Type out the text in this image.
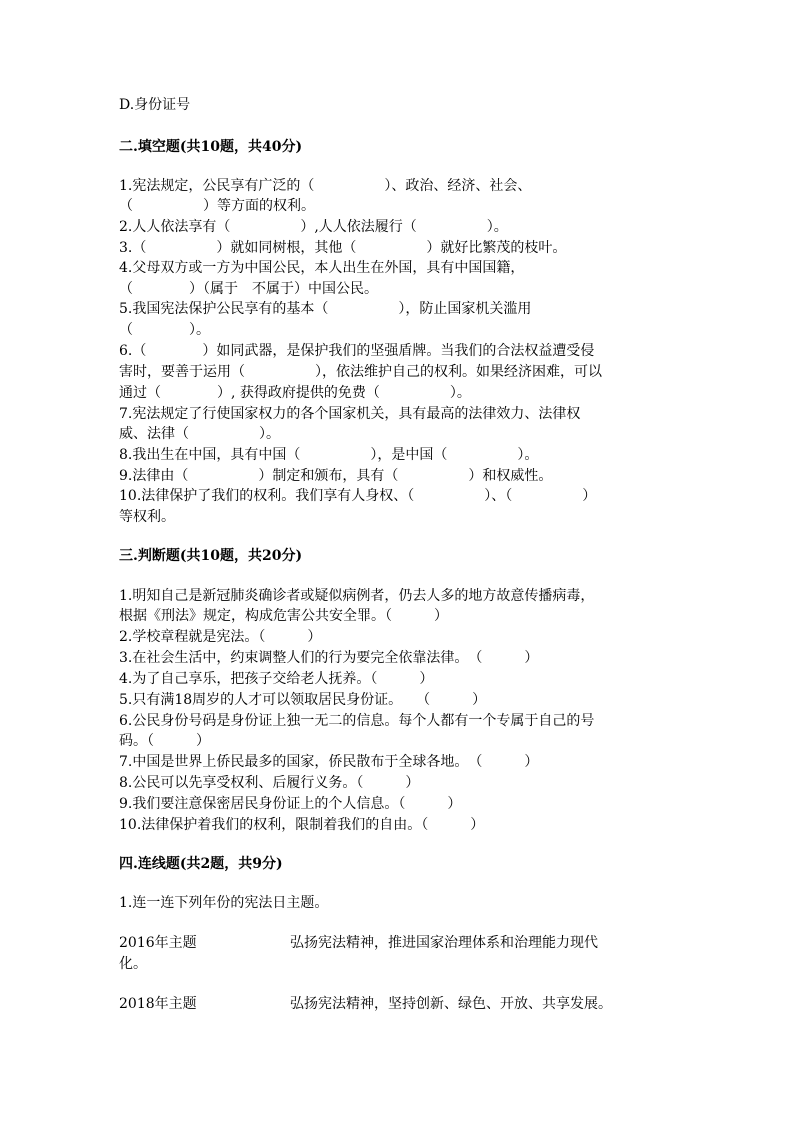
D.身份证号

二.填空题(共10题，共40分)

1.宪法规定，公民享有广泛的（　　　　　）、政治、经济、社会、

（　　　　　）等方面的权利。

2.人人依法享有（　　　　　）,人人依法履行（　　　　　）。

3.（　　　　　）就如同树根，其他（　　　　　）就好比繁茂的枝叶。

4.父母双方或一方为中国公民，本人出生在外国，具有中国国籍，

（　　　　）（属于　不属于）中国公民。

5.我国宪法保护公民享有的基本（　　　　　），防止国家机关滥用

（　　　　）。

6.（　　　　）如同武器，是保护我们的坚强盾牌。当我们的合法权益遭受侵

害时，要善于运用（　　　　　），依法维护自己的权利。如果经济困难，可以

通过（　　　　）, 获得政府提供的免费（　　　　　）。

7.宪法规定了行使国家权力的各个国家机关，具有最高的法律效力、法律权

威、法律（　　　　　）。

8.我出生在中国，具有中国（　　　　　），是中国（　　　　　）。

9.法律由（　　　　　）制定和颁布，具有（　　　　　）和权威性。

10.法律保护了我们的权利。我们享有人身权、（　　　　　）、（　　　　　）

等权利。

三.判断题(共10题，共20分)

1.明知自己是新冠肺炎确诊者或疑似病例者，仍去人多的地方故意传播病毒，

根据《刑法》规定，构成危害公共安全罪。（　　　）

2.学校章程就是宪法。（　　　）

3.在社会生活中，约束调整人们的行为要完全依靠法律。　（　　　）

4.为了自己享乐，把孩子交给老人抚养。（　　　）

5.只有满18周岁的人才可以领取居民身份证。　　（　　　）

6.公民身份号码是身份证上独一无二的信息。每个人都有一个专属于自己的号

码。（　　　）

7.中国是世界上侨民最多的国家，侨民散布于全球各地。　（　　　）

8.公民可以先享受权利、后履行义务。（　　　）

9.我们要注意保密居民身份证上的个人信息。（　　　）

10.法律保护着我们的权利，限制着我们的自由。（　　　）

四.连线题(共2题，共9分)

1.连一连下列年份的宪法日主题。

2016年主题	弘扬宪法精神，推进国家治理体系和治理能力现代

化。

2018年主题	弘扬宪法精神，坚持创新、绿色、开放、共享发展。
